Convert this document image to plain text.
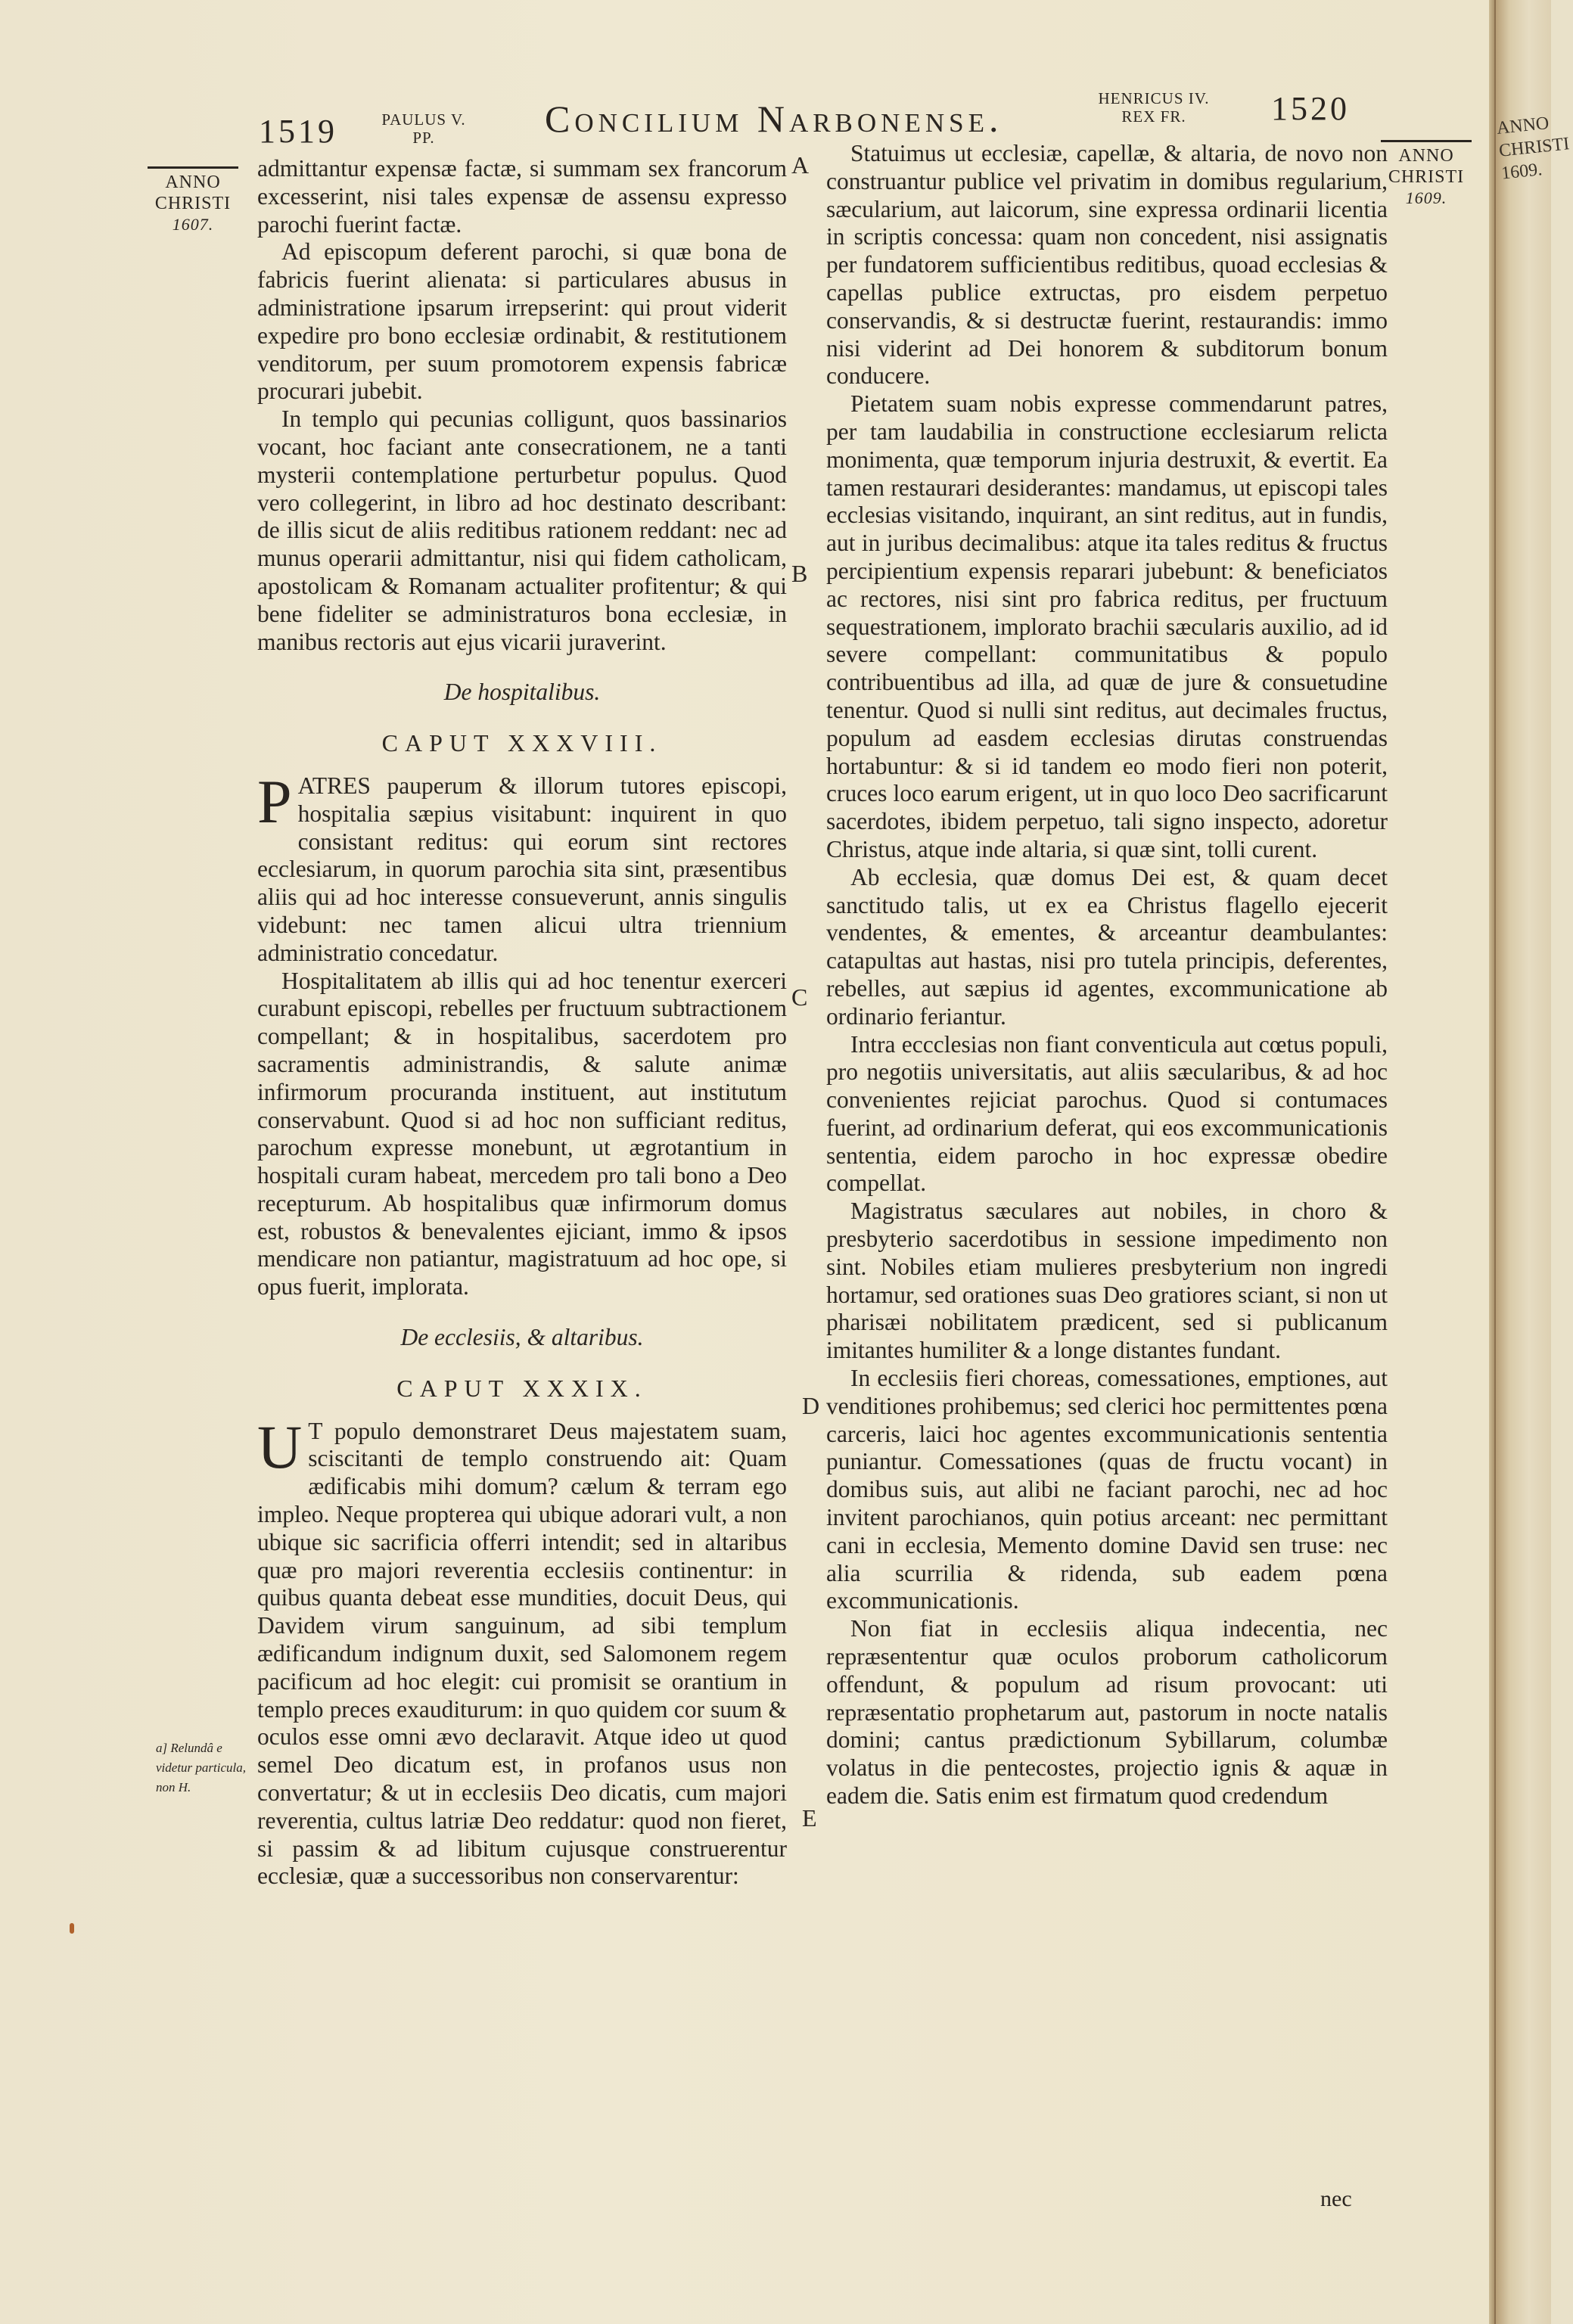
1519	PAULUS V.
PP.	Concilium Narbonense.	HENRICUS IV.
REX FR.	1520
ANNO
CHRISTI
1607.
ANNO
CHRISTI
1609.
A
B
C
D
E

admittantur expensæ factæ, si summam sex francorum excesserint, nisi tales expensæ de assensu expresso parochi fuerint factæ.

Ad episcopum deferent parochi, si quæ bona de fabricis fuerint alienata: si particulares abusus in administratione ipsarum irrepserint: qui prout viderit expedire pro bono ecclesiæ ordinabit, & restitutionem venditorum, per suum promotorem expensis fabricæ procurari jubebit.

In templo qui pecunias colligunt, quos bassinarios vocant, hoc faciant ante consecrationem, ne a tanti mysterii contemplatione perturbetur populus. Quod vero collegerint, in libro ad hoc destinato describant: de illis sicut de aliis reditibus rationem reddant: nec ad munus operarii admittantur, nisi qui fidem catholicam, apostolicam & Romanam actualiter profitentur; & qui bene fideliter se administraturos bona ecclesiæ, in manibus rectoris aut ejus vicarii juraverint.

De hospitalibus.

CAPUT XXXVIII.

PATRES pauperum & illorum tutores episcopi, hospitalia sæpius visitabunt: inquirent in quo consistant reditus: qui eorum sint rectores ecclesiarum, in quorum parochia sita sint, præsentibus aliis qui ad hoc interesse consueverunt, annis singulis videbunt: nec tamen alicui ultra triennium administratio concedatur.

Hospitalitatem ab illis qui ad hoc tenentur exerceri curabunt episcopi, rebelles per fructuum subtractionem compellant; & in hospitalibus, sacerdotem pro sacramentis administrandis, & salute animæ infirmorum procuranda instituent, aut institutum conservabunt. Quod si ad hoc non sufficiant reditus, parochum expresse monebunt, ut ægrotantium in hospitali curam habeat, mercedem pro tali bono a Deo recepturum. Ab hospitalibus quæ infirmorum domus est, robustos & benevalentes ejiciant, immo & ipsos mendicare non patiantur, magistratuum ad hoc ope, si opus fuerit, implorata.

De ecclesiis, & altaribus.

CAPUT XXXIX.

U T populo demonstraret Deus majestatem suam, sciscitanti de templo construendo ait: Quam ædificabis mihi domum? cælum & terram ego impleo. Neque propterea qui ubique adorari vult, a non ubique sic sacrificia offerri intendit; sed in altaribus quæ pro majori reverentia ecclesiis continentur: in quibus quanta debeat esse mundities, docuit Deus, qui Davidem virum sanguinum, ad sibi templum ædificandum indignum duxit, sed Salomonem regem pacificum ad hoc elegit: cui promisit se orantium in templo preces exauditurum: in quo quidem cor suum & oculos esse omni ævo declaravit. Atque ideo ut quod semel Deo dicatum est, in profanos usus non convertatur; & ut in ecclesiis Deo dicatis, cum majori reverentia, cultus latriæ Deo reddatur: quod non fieret, si passim & ad libitum cujusque construerentur ecclesiæ, quæ a successoribus non conservarentur:

a] Relundâ e videtur particula, non H.

Statuimus ut ecclesiæ, capellæ, & altaria, de novo non construantur publice vel privatim in domibus regularium, sæcularium, aut laicorum, sine expressa ordinarii licentia in scriptis concessa: quam non concedent, nisi assignatis per fundatorem sufficientibus reditibus, quoad ecclesias & capellas publice extructas, pro eisdem perpetuo conservandis, & si destructæ fuerint, restaurandis: immo nisi viderint ad Dei honorem & subditorum bonum conducere.

Pietatem suam nobis expresse commendarunt patres, per tam laudabilia in constructione ecclesiarum relicta monimenta, quæ temporum injuria destruxit, & evertit. Ea tamen restaurari desiderantes: mandamus, ut episcopi tales ecclesias visitando, inquirant, an sint reditus, aut in fundis, aut in juribus decimalibus: atque ita tales reditus & fructus percipientium expensis reparari jubebunt: & beneficiatos ac rectores, nisi sint pro fabrica reditus, per fructuum sequestrationem, implorato brachii sæcularis auxilio, ad id severe compellant: communitatibus & populo contribuentibus ad illa, ad quæ de jure & consuetudine tenentur. Quod si nulli sint reditus, aut decimales fructus, populum ad easdem ecclesias dirutas construendas hortabuntur: & si id tandem eo modo fieri non poterit, cruces loco earum erigent, ut in quo loco Deo sacrificarunt sacerdotes, ibidem perpetuo, tali signo inspecto, adoretur Christus, atque inde altaria, si quæ sint, tolli curent.

Ab ecclesia, quæ domus Dei est, & quam decet sanctitudo talis, ut ex ea Christus flagello ejecerit vendentes, & ementes, & arceantur deambulantes: catapultas aut hastas, nisi pro tutela principis, deferentes, rebelles, aut sæpius id agentes, excommunicatione ab ordinario feriantur.

Intra eccclesias non fiant conventicula aut cœtus populi, pro negotiis universitatis, aut aliis sæcularibus, & ad hoc convenientes rejiciat parochus. Quod si contumaces fuerint, ad ordinarium deferat, qui eos excommunicationis sententia, eidem parocho in hoc expressæ obedire compellat.

Magistratus sæculares aut nobiles, in choro & presbyterio sacerdotibus in sessione impedimento non sint. Nobiles etiam mulieres presbyterium non ingredi hortamur, sed orationes suas Deo gratiores sciant, si non ut pharisæi nobilitatem prædicent, sed si publicanum imitantes humiliter & a longe distantes fundant.

In ecclesiis fieri choreas, comessationes, emptiones, aut venditiones prohibemus; sed clerici hoc permittentes pœna carceris, laici hoc agentes excommunicationis sententia puniantur. Comessationes (quas de fructu vocant) in domibus suis, aut alibi ne faciant parochi, nec ad hoc invitent parochianos, quin potius arceant: nec permittant cani in ecclesia, Memento domine David sen truse: nec alia scurrilia & ridenda, sub eadem pœna excommunicationis.

Non fiat in ecclesiis aliqua indecentia, nec repræsententur quæ oculos proborum catholicorum offendunt, & populum ad risum provocant: uti repræsentatio prophetarum aut, pastorum in nocte natalis domini; cantus prædictionum Sybillarum, columbæ volatus in die pentecostes, projectio ignis & aquæ in eadem die. Satis enim est firmatum quod credendum

nec
ANNO
CHRISTI
1609.
